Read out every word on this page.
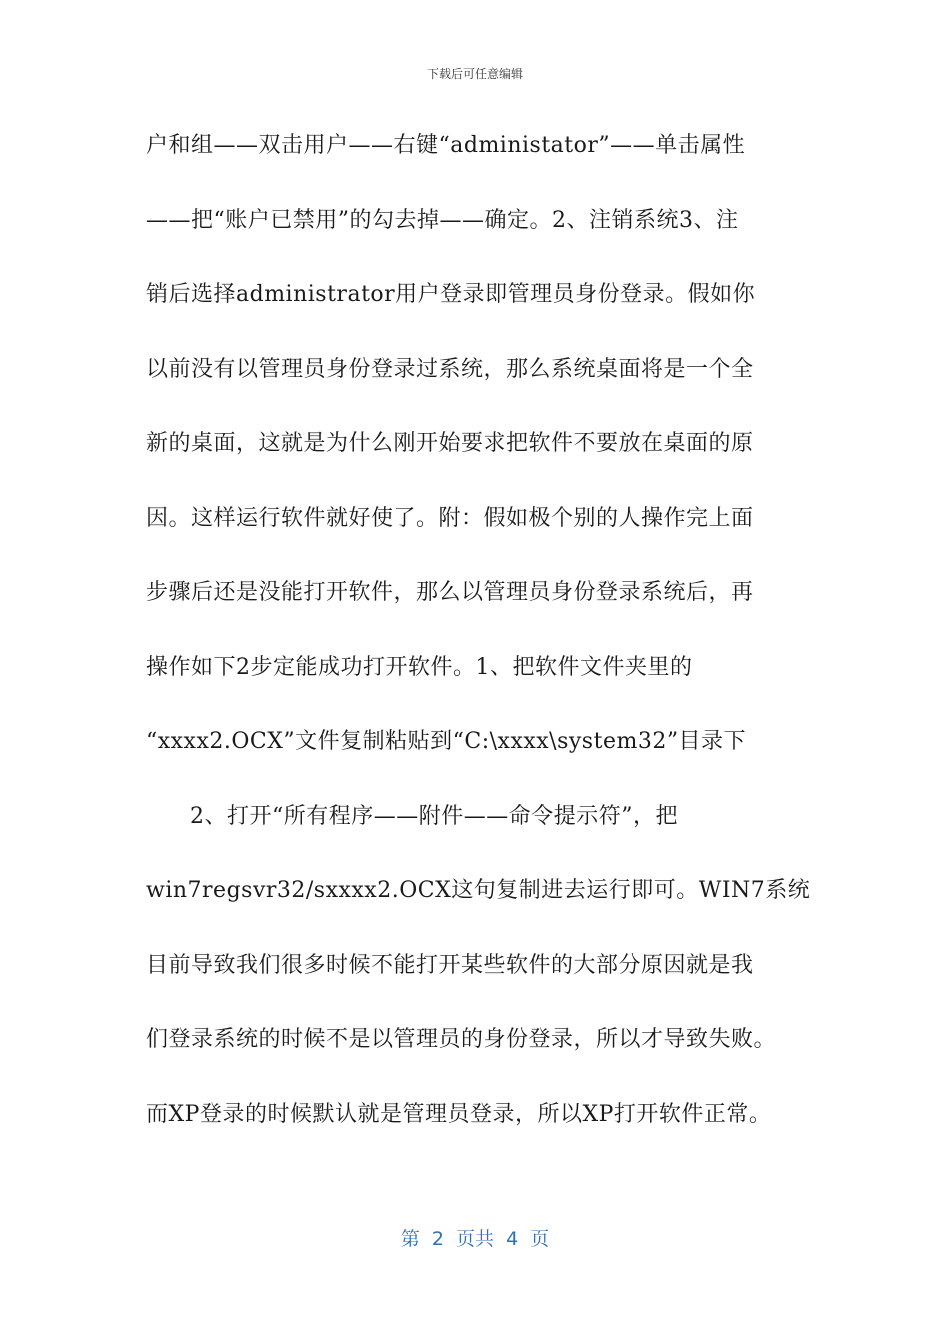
下载后可任意编辑
户和组——双击用户——右键“administator”——单击属性
——把“账户已禁用”的勾去掉——确定。2、注销系统3、注
销后选择administrator用户登录即管理员身份登录。假如你
以前没有以管理员身份登录过系统，那么系统桌面将是一个全
新的桌面，这就是为什么刚开始要求把软件不要放在桌面的原
因。这样运行软件就好使了。附：假如极个别的人操作完上面
步骤后还是没能打开软件，那么以管理员身份登录系统后，再
操作如下2步定能成功打开软件。1、把软件文件夹里的
“xxxx2.OCX”文件复制粘贴到“C:\xxxx\system32”目录下
2、打开“所有程序——附件——命令提示符”，把
win7regsvr32/sxxxx2.OCX这句复制进去运行即可。WIN7系统
目前导致我们很多时候不能打开某些软件的大部分原因就是我
们登录系统的时候不是以管理员的身份登录，所以才导致失败。
而XP登录的时候默认就是管理员登录，所以XP打开软件正常。
第  2  页共  4  页
